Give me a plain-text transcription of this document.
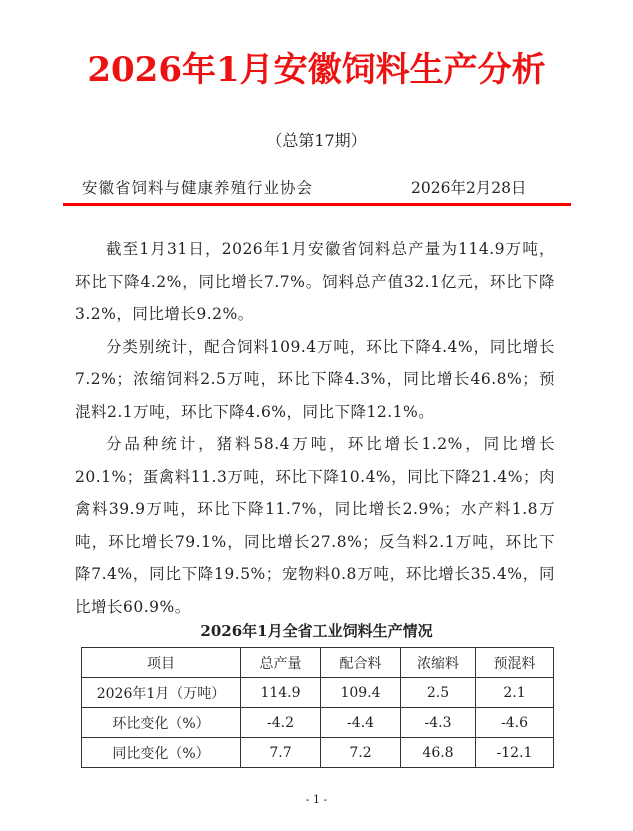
2026年1月安徽饲料生产分析
（总第17期）
安徽省饲料与健康养殖行业协会	2026年2月28日

截至1月31日，2026年1月安徽省饲料总产量为114.9万吨，环比下降4.2%，同比增长7.7%。饲料总产值32.1亿元，环比下降3.2%，同比增长9.2%。

分类别统计，配合饲料109.4万吨，环比下降4.4%，同比增长7.2%；浓缩饲料2.5万吨，环比下降4.3%，同比增长46.8%；预混料2.1万吨，环比下降4.6%，同比下降12.1%。

分品种统计，猪料58.4万吨，环比增长1.2%，同比增长20.1%；蛋禽料11.3万吨，环比下降10.4%，同比下降21.4%；肉禽料39.9万吨，环比下降11.7%，同比增长2.9%；水产料1.8万吨，环比增长79.1%，同比增长27.8%；反刍料2.1万吨，环比下降7.4%，同比下降19.5%；宠物料0.8万吨，环比增长35.4%，同比增长60.9%。

2026年1月全省工业饲料生产情况
项目	总产量	配合料	浓缩料	预混料
2026年1月（万吨）	114.9	109.4	2.5	2.1
环比变化（%）	-4.2	-4.4	-4.3	-4.6
同比变化（%）	7.7	7.2	46.8	-12.1
- 1 -
